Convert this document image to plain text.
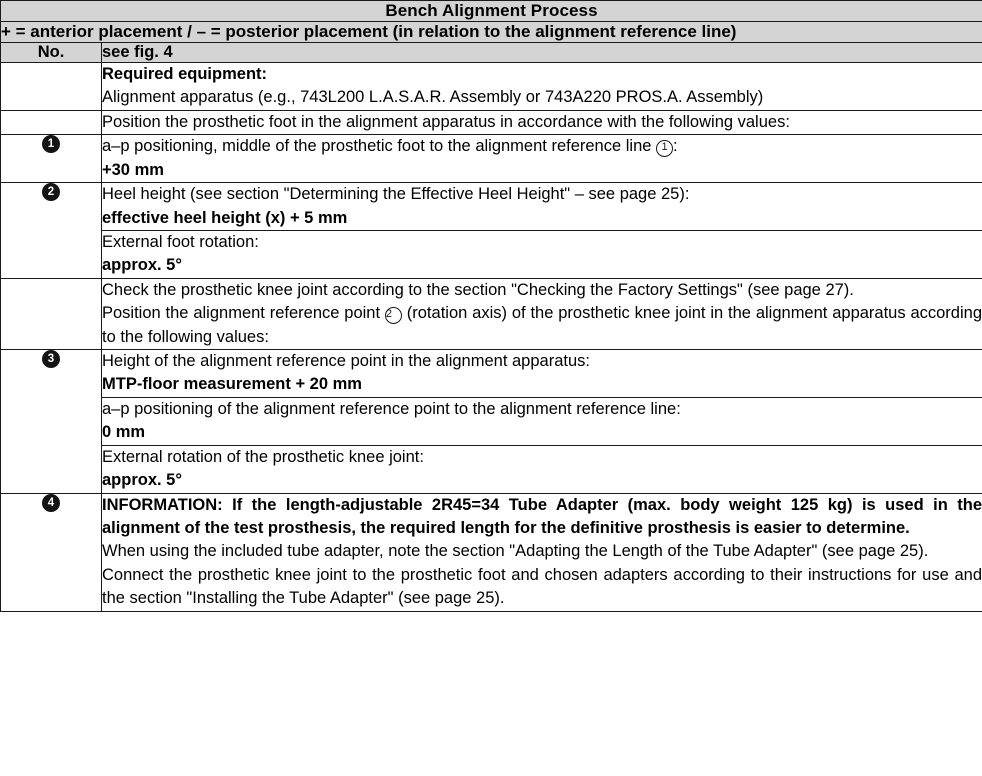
Bench Alignment Process	
+ = anterior placement / – = posterior placement (in relation to the alignment reference line)	
No.	see fig. 4

	Required equipment:
Alignment apparatus (e.g., 743L200 L.A.S.A.R. Assembly or 743A220 PROS.A. Assembly)

	Position the prosthetic foot in the alignment apparatus in accordance with the following values:

1	a–p positioning, middle of the prosthetic foot to the alignment reference line 1 :
+30 mm

2	Heel height (see section "Determining the Effective Heel Height" – see page 25):
effective heel height (x) + 5 mm

	External foot rotation:
approx. 5°

	Check the prosthetic knee joint according to the section "Checking the Factory Settings" (see page 27).
Position the alignment reference point 2 (rotation axis) of the prosthetic knee joint in the alignment apparatus according to the following values:

3	Height of the alignment reference point in the alignment apparatus:
MTP-floor measurement + 20 mm

	a–p positioning of the alignment reference point to the alignment reference line:
0 mm

	External rotation of the prosthetic knee joint:
approx. 5°

4	INFORMATION: If the length-adjustable 2R45=34 Tube Adapter (max. body weight 125 kg) is used in the alignment of the test prosthesis, the required length for the definitive prosthesis is easier to determine.
When using the included tube adapter, note the section "Adapting the Length of the Tube Adapter" (see page 25).
Connect the prosthetic knee joint to the prosthetic foot and chosen adapters according to their instructions for use and the section "Installing the Tube Adapter" (see page 25).
